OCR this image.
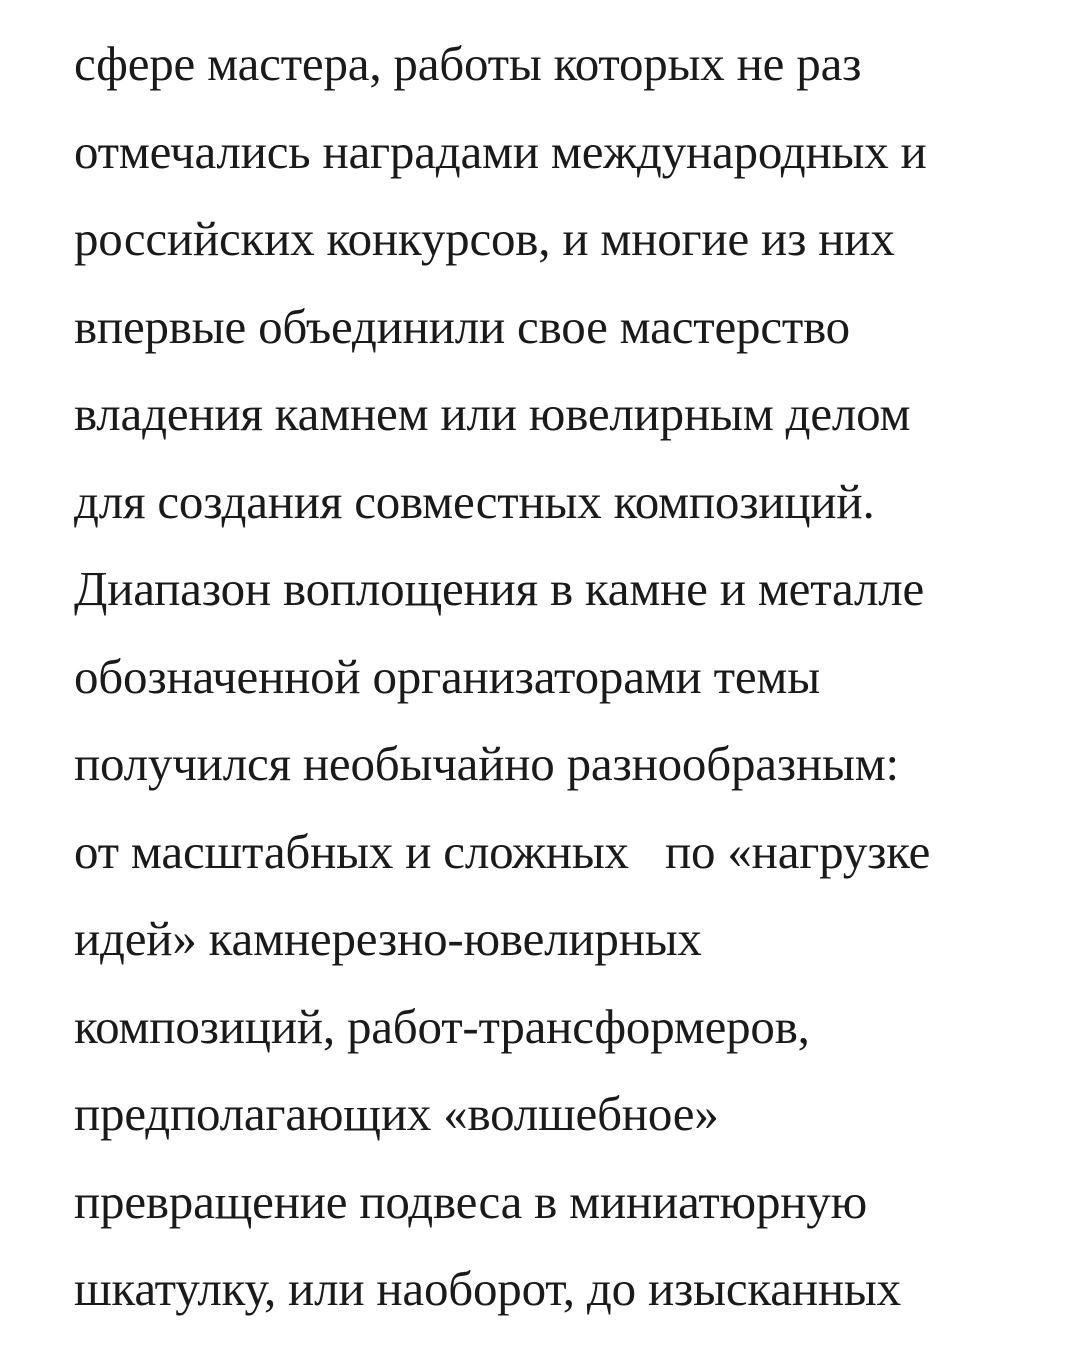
сфере мастера, работы которых не раз
отмечались наградами международных и
российских конкурсов, и многие из них
впервые объединили свое мастерство
владения камнем или ювелирным делом
для создания совместных композиций.
Диапазон воплощения в камне и металле
обозначенной организаторами темы
получился необычайно разнообразным:
от масштабных и сложных   по «нагрузке
идей» камнерезно-ювелирных
композиций, работ-трансформеров,
предполагающих «волшебное»
превращение подвеса в миниатюрную
шкатулку, или наоборот, до изысканных
